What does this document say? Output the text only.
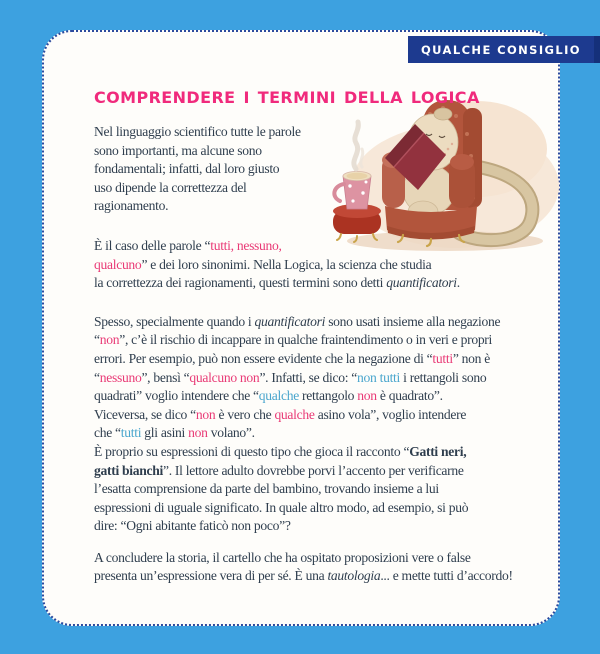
QUALCHE CONSIGLIO
COMPRENDERE I TERMINI DELLA LOGICA

Nel linguaggio scientifico tutte le parole
sono importanti, ma alcune sono
fondamentali; infatti, dal loro giusto
uso dipende la correttezza del
ragionamento.

È il caso delle parole “tutti, nessuno,
qualcuno” e dei loro sinonimi. Nella Logica, la scienza che studia
la correttezza dei ragionamenti, questi termini sono detti quantificatori.

Spesso, specialmente quando i quantificatori sono usati insieme alla negazione
“non”, c’è il rischio di incappare in qualche fraintendimento o in veri e propri
errori. Per esempio, può non essere evidente che la negazione di “tutti” non è
“nessuno”, bensì “qualcuno non”. Infatti, se dico: “non tutti i rettangoli sono
quadrati” voglio intendere che “qualche rettangolo non è quadrato”.
Viceversa, se dico “non è vero che qualche asino vola”, voglio intendere
che “tutti gli asini non volano”.
È proprio su espressioni di questo tipo che gioca il racconto “Gatti neri,
gatti bianchi”. Il lettore adulto dovrebbe porvi l’accento per verificarne
l’esatta comprensione da parte del bambino, trovando insieme a lui
espressioni di uguale significato. In quale altro modo, ad esempio, si può
dire: “Ogni abitante faticò non poco”?

A concludere la storia, il cartello che ha ospitato proposizioni vere o false
presenta un’espressione vera di per sé. È una tautologia... e mette tutti d’accordo!
